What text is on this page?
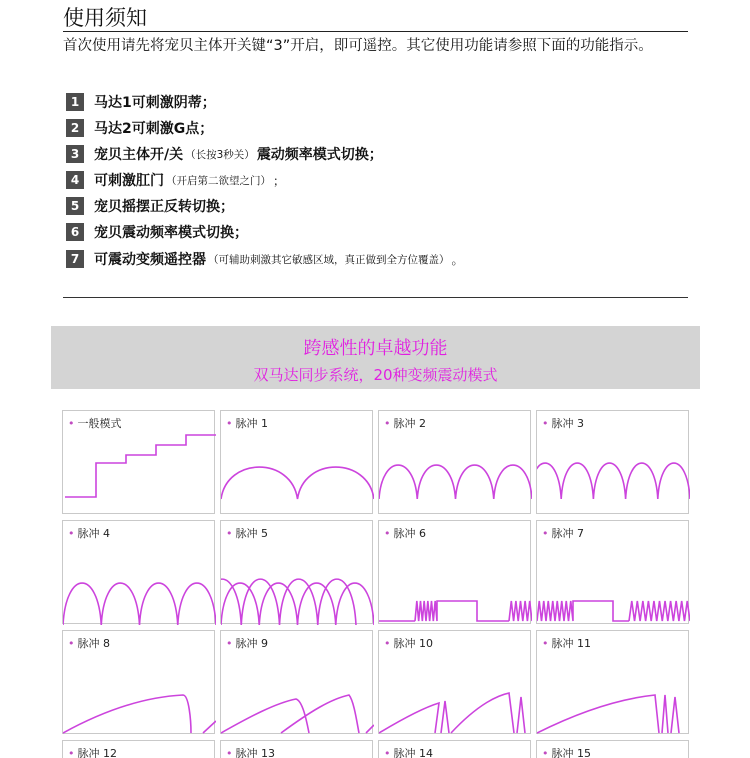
使用须知
首次使用请先将宠贝主体开关键“3”开启，即可遥控。其它使用功能请参照下面的功能指示。
1	马达1可刺激阴蒂；
2	马达2可刺激G点；
3	宠贝主体开/关 （长按3秒关） 震动频率模式切换；
4	可刺激肛门 （开启第二欲望之门） ；
5	宠贝摇摆正反转切换；
6	宠贝震动频率模式切换；
7	可震动变频遥控器 （可辅助刺激其它敏感区域，真正做到全方位覆盖） 。
跨感性的卓越功能
双马达同步系统，20种变频震动模式
• 一般模式	• 脉冲 1	• 脉冲 2	• 脉冲 3
• 脉冲 4	• 脉冲 5	• 脉冲 6	• 脉冲 7
• 脉冲 8	• 脉冲 9	• 脉冲 10	• 脉冲 11
• 脉冲 12	• 脉冲 13	• 脉冲 14	• 脉冲 15
